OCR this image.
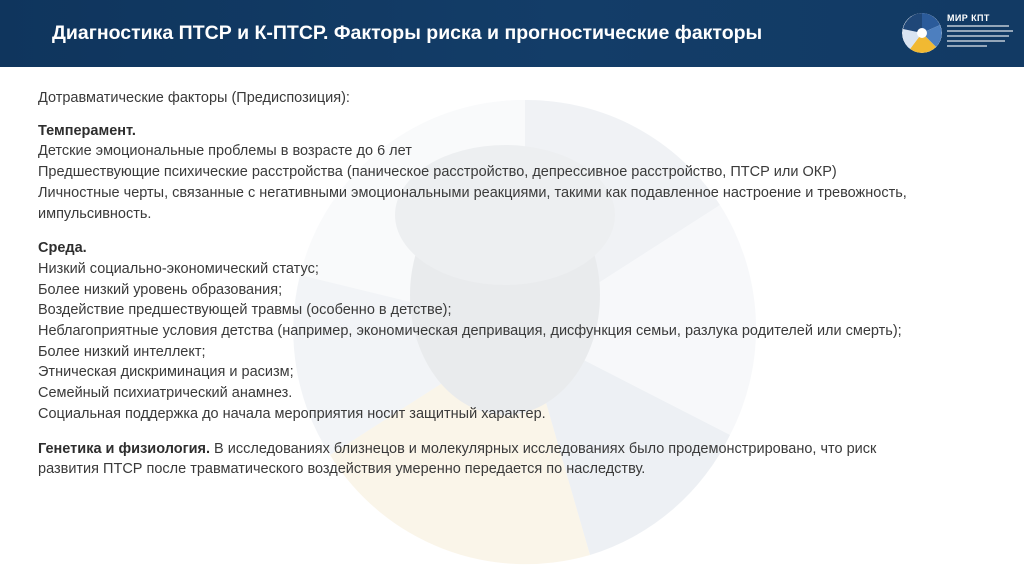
Диагностика ПТСР и К-ПТСР. Факторы риска и прогностические факторы
МИР КПТ
Дотравматические факторы (Предиспозиция):
Темперамент.
Детские эмоциональные проблемы в возрасте до 6 лет
Предшествующие психические расстройства (паническое расстройство, депрессивное расстройство, ПТСР или ОКР)
Личностные черты, связанные с негативными эмоциональными реакциями, такими как подавленное настроение и тревожность, импульсивность.
Среда.
Низкий социально-экономический статус;
Более низкий уровень образования;
Воздействие предшествующей травмы (особенно в детстве);
Неблагоприятные условия детства (например, экономическая депривация, дисфункция семьи, разлука родителей или смерть);
Более низкий интеллект;
Этническая дискриминация и расизм;
Семейный психиатрический анамнез.
Социальная поддержка до начала мероприятия носит защитный характер.
Генетика и физиология. В исследованиях близнецов и молекулярных исследованиях было продемонстрировано, что риск развития ПТСР после травматического воздействия умеренно передается по наследству.
